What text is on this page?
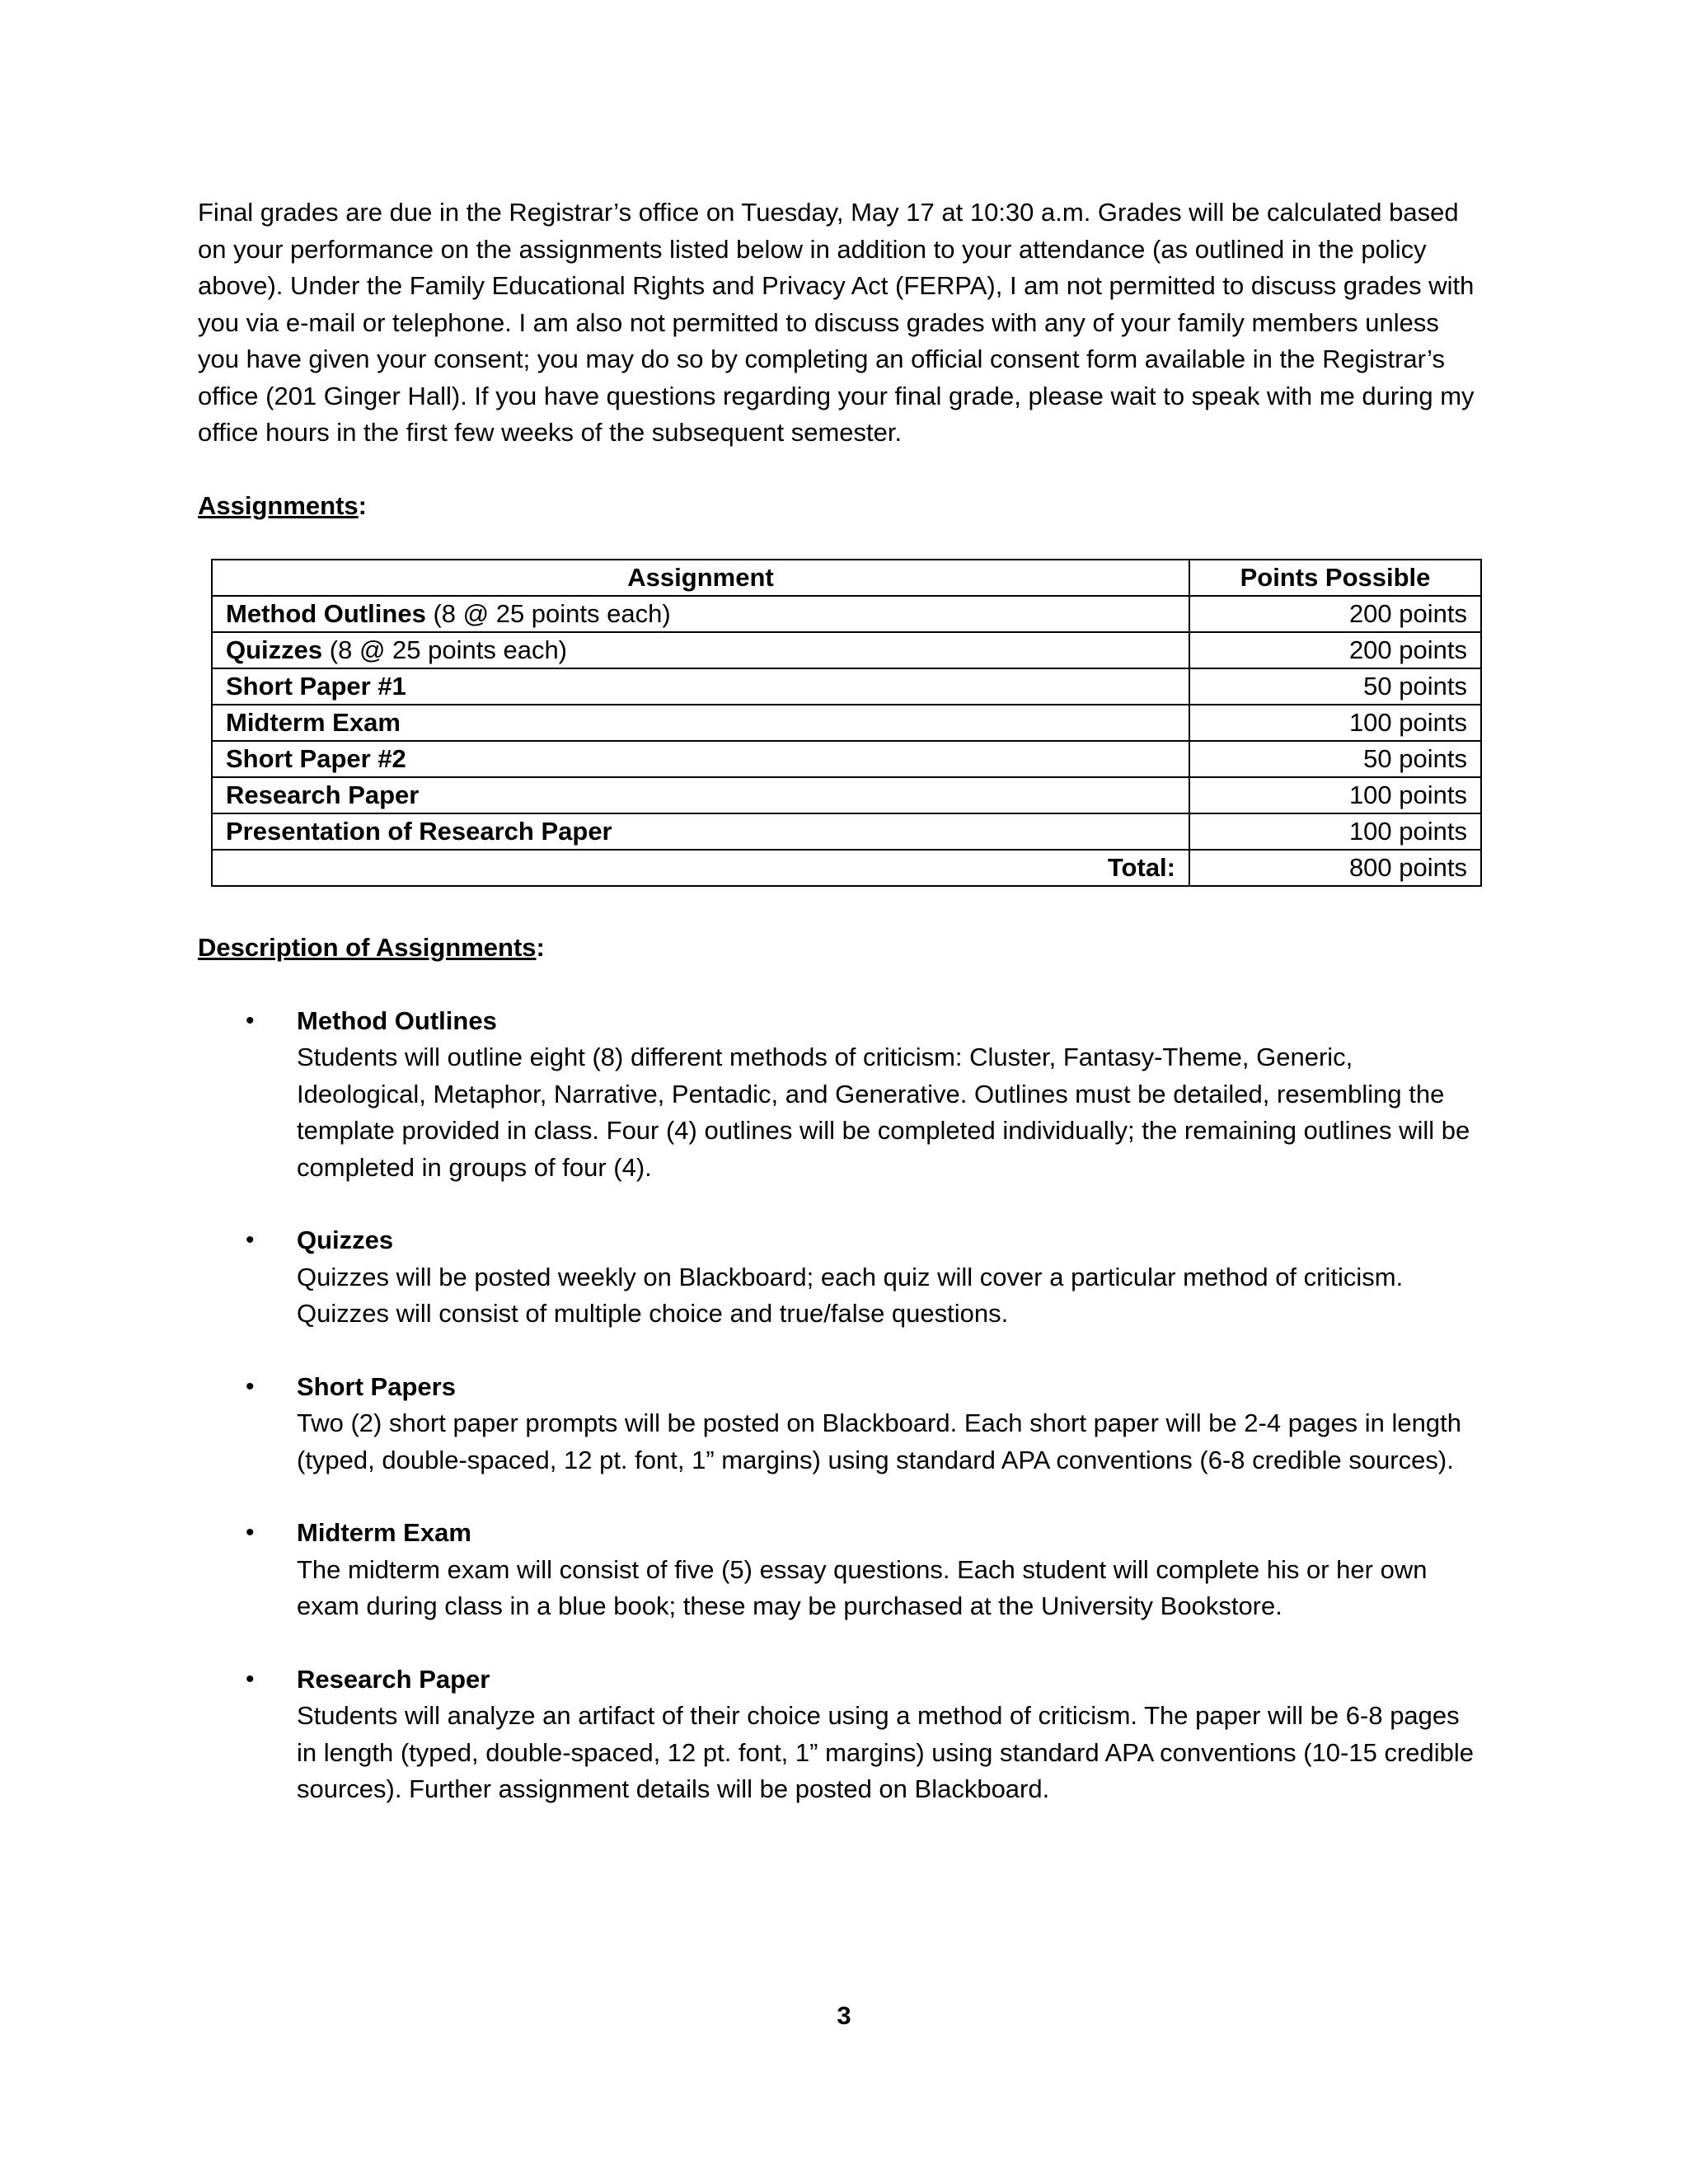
Final grades are due in the Registrar’s office on Tuesday, May 17 at 10:30 a.m. Grades will be calculated based on your performance on the assignments listed below in addition to your attendance (as outlined in the policy above). Under the Family Educational Rights and Privacy Act (FERPA), I am not permitted to discuss grades with you via e-mail or telephone. I am also not permitted to discuss grades with any of your family members unless you have given your consent; you may do so by completing an official consent form available in the Registrar’s office (201 Ginger Hall). If you have questions regarding your final grade, please wait to speak with me during my office hours in the first few weeks of the subsequent semester.

Assignments:
Assignment	Points Possible
Method Outlines (8 @ 25 points each)	200 points
Quizzes (8 @ 25 points each)	200 points
Short Paper #1	50 points
Midterm Exam	100 points
Short Paper #2	50 points
Research Paper	100 points
Presentation of Research Paper	100 points
Total:	800 points
Description of Assignments:
• Method Outlines
Students will outline eight (8) different methods of criticism: Cluster, Fantasy-Theme, Generic, Ideological, Metaphor, Narrative, Pentadic, and Generative. Outlines must be detailed, resembling the template provided in class. Four (4) outlines will be completed individually; the remaining outlines will be completed in groups of four (4).
• Quizzes
Quizzes will be posted weekly on Blackboard; each quiz will cover a particular method of criticism. Quizzes will consist of multiple choice and true/false questions.
• Short Papers
Two (2) short paper prompts will be posted on Blackboard. Each short paper will be 2-4 pages in length (typed, double-spaced, 12 pt. font, 1” margins) using standard APA conventions (6-8 credible sources).
• Midterm Exam
The midterm exam will consist of five (5) essay questions. Each student will complete his or her own exam during class in a blue book; these may be purchased at the University Bookstore.
• Research Paper
Students will analyze an artifact of their choice using a method of criticism. The paper will be 6-8 pages in length (typed, double-spaced, 12 pt. font, 1” margins) using standard APA conventions (10-15 credible sources). Further assignment details will be posted on Blackboard.
3
